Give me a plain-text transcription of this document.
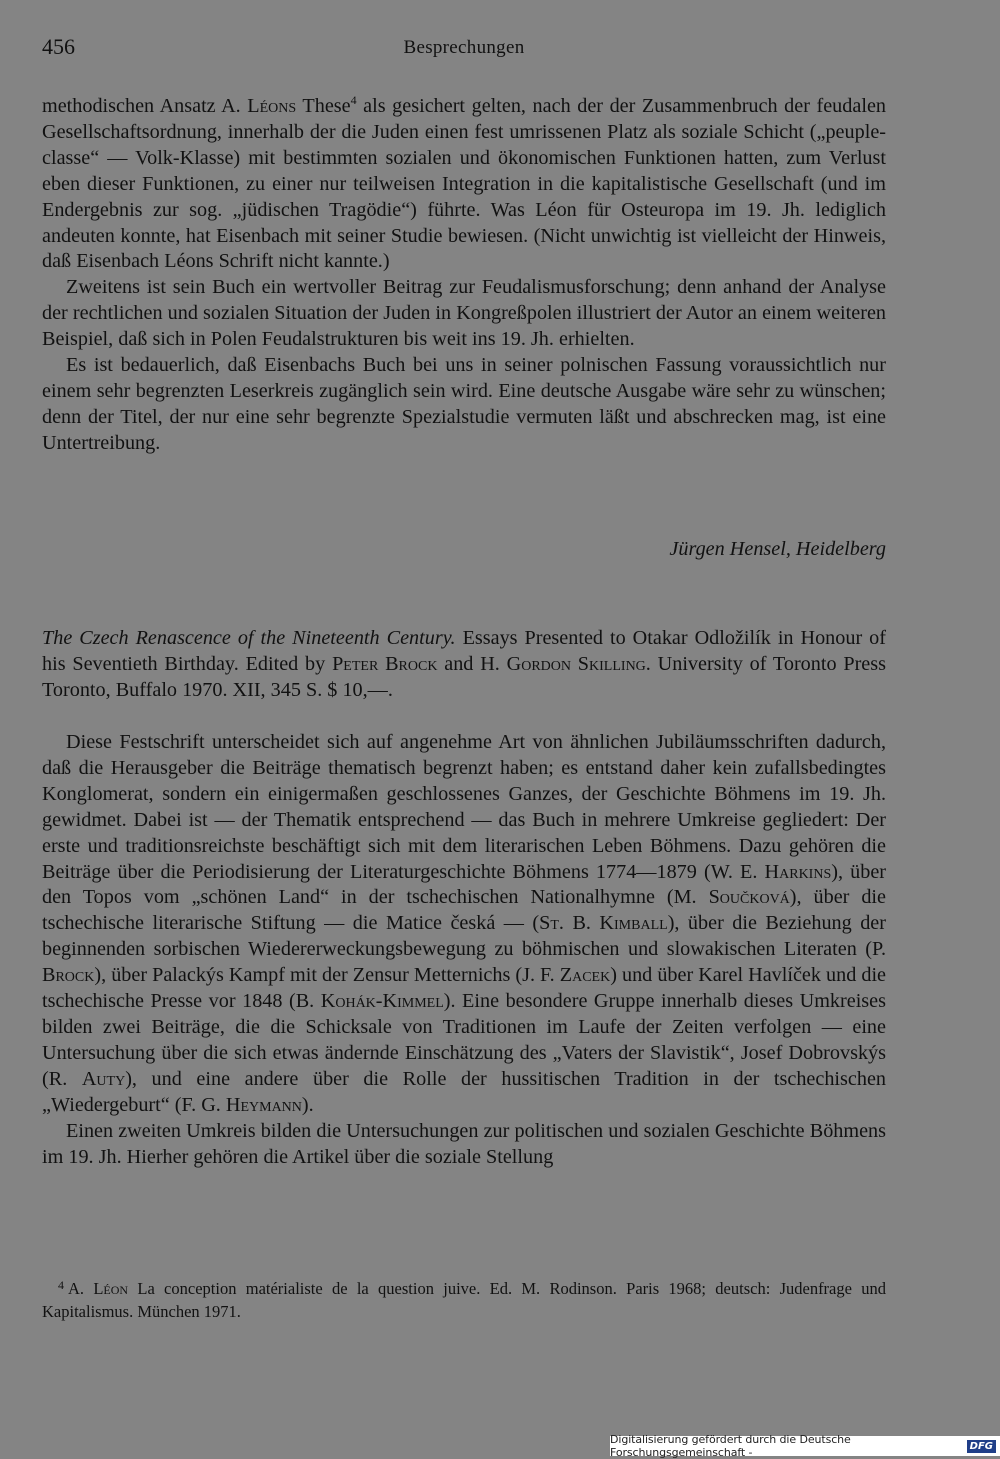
456	Besprechungen

methodischen Ansatz A. Léons These$^4$ als gesichert gelten, nach der der Zusammenbruch der feudalen Gesellschaftsordnung, innerhalb der die Juden einen fest umrissenen Platz als soziale Schicht („peuple-classe“ — Volk-Klasse) mit bestimmten sozialen und ökonomischen Funktionen hatten, zum Verlust eben dieser Funktionen, zu einer nur teilweisen Integration in die kapitalistische Gesellschaft (und im Endergebnis zur sog. „jüdischen Tragödie“) führte. Was Léon für Osteuropa im 19. Jh. lediglich andeuten konnte, hat Eisenbach mit seiner Studie bewiesen. (Nicht unwichtig ist vielleicht der Hinweis, daß Eisenbach Léons Schrift nicht kannte.)

Zweitens ist sein Buch ein wertvoller Beitrag zur Feudalismusforschung; denn anhand der Analyse der rechtlichen und sozialen Situation der Juden in Kongreßpolen illustriert der Autor an einem weiteren Beispiel, daß sich in Polen Feudalstrukturen bis weit ins 19. Jh. erhielten.

Es ist bedauerlich, daß Eisenbachs Buch bei uns in seiner polnischen Fassung voraussichtlich nur einem sehr begrenzten Leserkreis zugänglich sein wird. Eine deutsche Ausgabe wäre sehr zu wünschen; denn der Titel, der nur eine sehr begrenzte Spezialstudie vermuten läßt und abschrecken mag, ist eine Untertreibung.

Jürgen Hensel, Heidelberg

The Czech Renascence of the Nineteenth Century. Essays Presented to Otakar Odložilík in Honour of his Seventieth Birthday. Edited by Peter Brock and H. Gordon Skilling. University of Toronto Press Toronto, Buffalo 1970. XII, 345 S. $ 10,—.

Diese Festschrift unterscheidet sich auf angenehme Art von ähnlichen Jubiläumsschriften dadurch, daß die Herausgeber die Beiträge thematisch begrenzt haben; es entstand daher kein zufallsbedingtes Konglomerat, sondern ein einigermaßen geschlossenes Ganzes, der Geschichte Böhmens im 19. Jh. gewidmet. Dabei ist — der Thematik entsprechend — das Buch in mehrere Umkreise gegliedert: Der erste und traditionsreichste beschäftigt sich mit dem literarischen Leben Böhmens. Dazu gehören die Beiträge über die Periodisierung der Literaturgeschichte Böhmens 1774—1879 (W. E. Harkins), über den Topos vom „schönen Land“ in der tschechischen Nationalhymne (M. Součková), über die tschechische literarische Stiftung — die Matice česká — (St. B. Kimball), über die Beziehung der beginnenden sorbischen Wiedererweckungsbewegung zu böhmischen und slowakischen Literaten (P. Brock), über Palackýs Kampf mit der Zensur Metternichs (J. F. Zacek) und über Karel Havlíček und die tschechische Presse vor 1848 (B. Kohák-Kimmel). Eine besondere Gruppe innerhalb dieses Umkreises bilden zwei Beiträge, die die Schicksale von Traditionen im Laufe der Zeiten verfolgen — eine Untersuchung über die sich etwas ändernde Einschätzung des „Vaters der Slavistik“, Josef Dobrovskýs (R. Auty), und eine andere über die Rolle der hussitischen Tradition in der tschechischen „Wiedergeburt“ (F. G. Heymann).

Einen zweiten Umkreis bilden die Untersuchungen zur politischen und sozialen Geschichte Böhmens im 19. Jh. Hierher gehören die Artikel über die soziale Stellung

$^4$ A. Léon La conception matérialiste de la question juive. Ed. M. Rodinson. Paris 1968; deutsch: Judenfrage und Kapitalismus. München 1971.
Digitalisierung gefördert durch die Deutsche Forschungsgemeinschaft -	DFG
